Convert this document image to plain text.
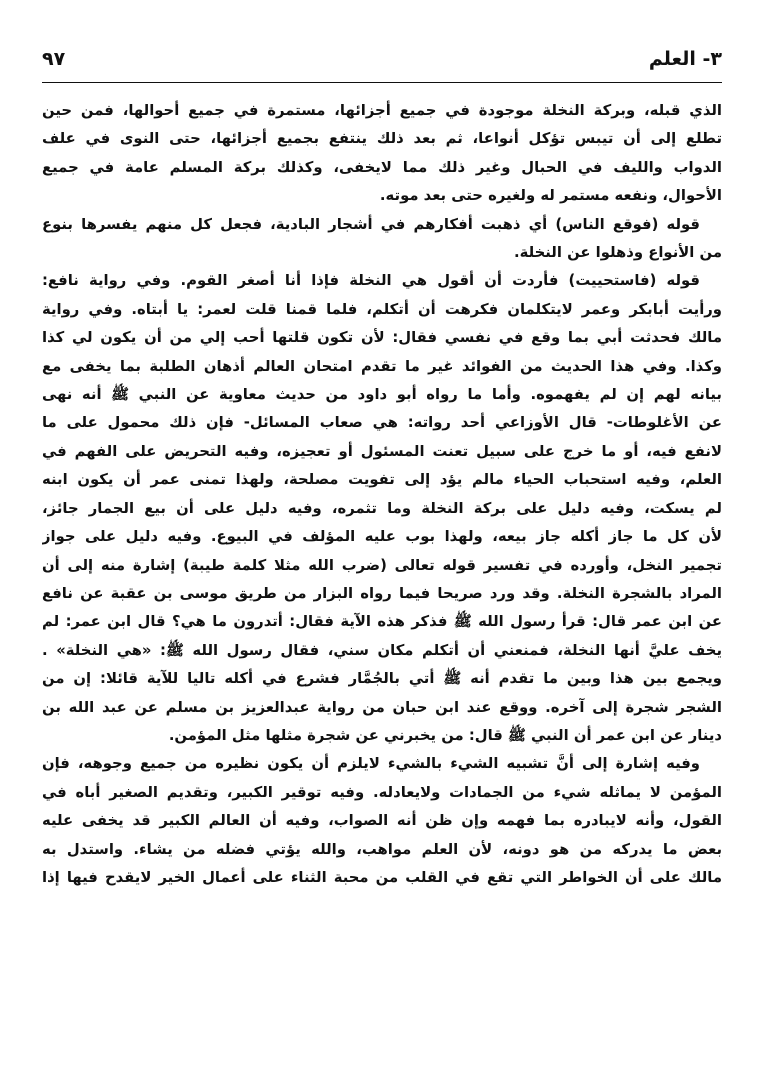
٣- العلم
٩٧
الذي قبله، وبركة النخلة موجودة في جميع أجزائها، مستمرة في جميع أحوالها، فمن حين
تطلع إلى أن تيبس تؤكل أنواعا، ثم بعد ذلك ينتفع بجميع أجزائها، حتى النوى في علف
الدواب والليف في الحبال وغير ذلك مما لايخفى، وكذلك بركة المسلم عامة في جميع
الأحوال، ونفعه مستمر له ولغيره حتى بعد موته.
قوله (فوقع الناس) أي ذهبت أفكارهم في أشجار البادية، فجعل كل منهم يفسرها بنوع
من الأنواع وذهلوا عن النخلة.
قوله (فاستحييت) فأردت أن أقول هي النخلة فإذا أنا أصغر القوم. وفي رواية نافع:
ورأيت أبابكر وعمر لايتكلمان فكرهت أن أتكلم، فلما قمنا قلت لعمر: يا أبتاه. وفي رواية
مالك فحدثت أبي بما وقع في نفسي فقال: لأن تكون قلتها أحب إلي من أن يكون لي كذا
وكذا. وفي هذا الحديث من الفوائد غير ما تقدم امتحان العالم أذهان الطلبة بما يخفى مع
بيانه لهم إن لم يفهموه. وأما ما رواه أبو داود من حديث معاوية عن النبي ﷺ أنه نهى
عن الأغلوطات- قال الأوزاعي أحد رواته: هي صعاب المسائل- فإن ذلك محمول على ما
لانفع فيه، أو ما خرج على سبيل تعنت المسئول أو تعجيزه، وفيه التحريض على الفهم في
العلم، وفيه استحباب الحياء مالم يؤد إلى تفويت مصلحة، ولهذا تمنى عمر أن يكون ابنه
لم يسكت، وفيه دليل على بركة النخلة وما تثمره، وفيه دليل على أن بيع الجمار جائز،
لأن كل ما جاز أكله جاز بيعه، ولهذا بوب عليه المؤلف في البيوع. وفيه دليل على جواز
تجمير النخل، وأورده في تفسير قوله تعالى (ضرب الله مثلا كلمة طيبة) إشارة منه إلى أن
المراد بالشجرة النخلة. وقد ورد صريحا فيما رواه البزار من طريق موسى بن عقبة عن نافع
عن ابن عمر قال: قرأ رسول الله ﷺ فذكر هذه الآية فقال: أتدرون ما هي؟ قال ابن عمر: لم
يخف عليَّ أنها النخلة، فمنعني أن أتكلم مكان سني، فقال رسول الله ﷺ: «هي النخلة» .
ويجمع بين هذا وبين ما تقدم أنه ﷺ أتي بالجُمَّار فشرع في أكله تاليا للآية قائلا: إن من
الشجر شجرة إلى آخره. ووقع عند ابن حبان من رواية عبدالعزيز بن مسلم عن عبد الله بن
دينار عن ابن عمر أن النبي ﷺ قال: من يخبرني عن شجرة مثلها مثل المؤمن.
وفيه إشارة إلى أنَّ تشبيه الشيء بالشيء لايلزم أن يكون نظيره من جميع وجوهه، فإن
المؤمن لا يماثله شيء من الجمادات ولايعادله. وفيه توقير الكبير، وتقديم الصغير أباه في
القول، وأنه لايبادره بما فهمه وإن ظن أنه الصواب، وفيه أن العالم الكبير قد يخفى عليه
بعض ما يدركه من هو دونه، لأن العلم مواهب، والله يؤتي فضله من يشاء. واستدل به
مالك على أن الخواطر التي تقع في القلب من محبة الثناء على أعمال الخير لايقدح فيها إذا
